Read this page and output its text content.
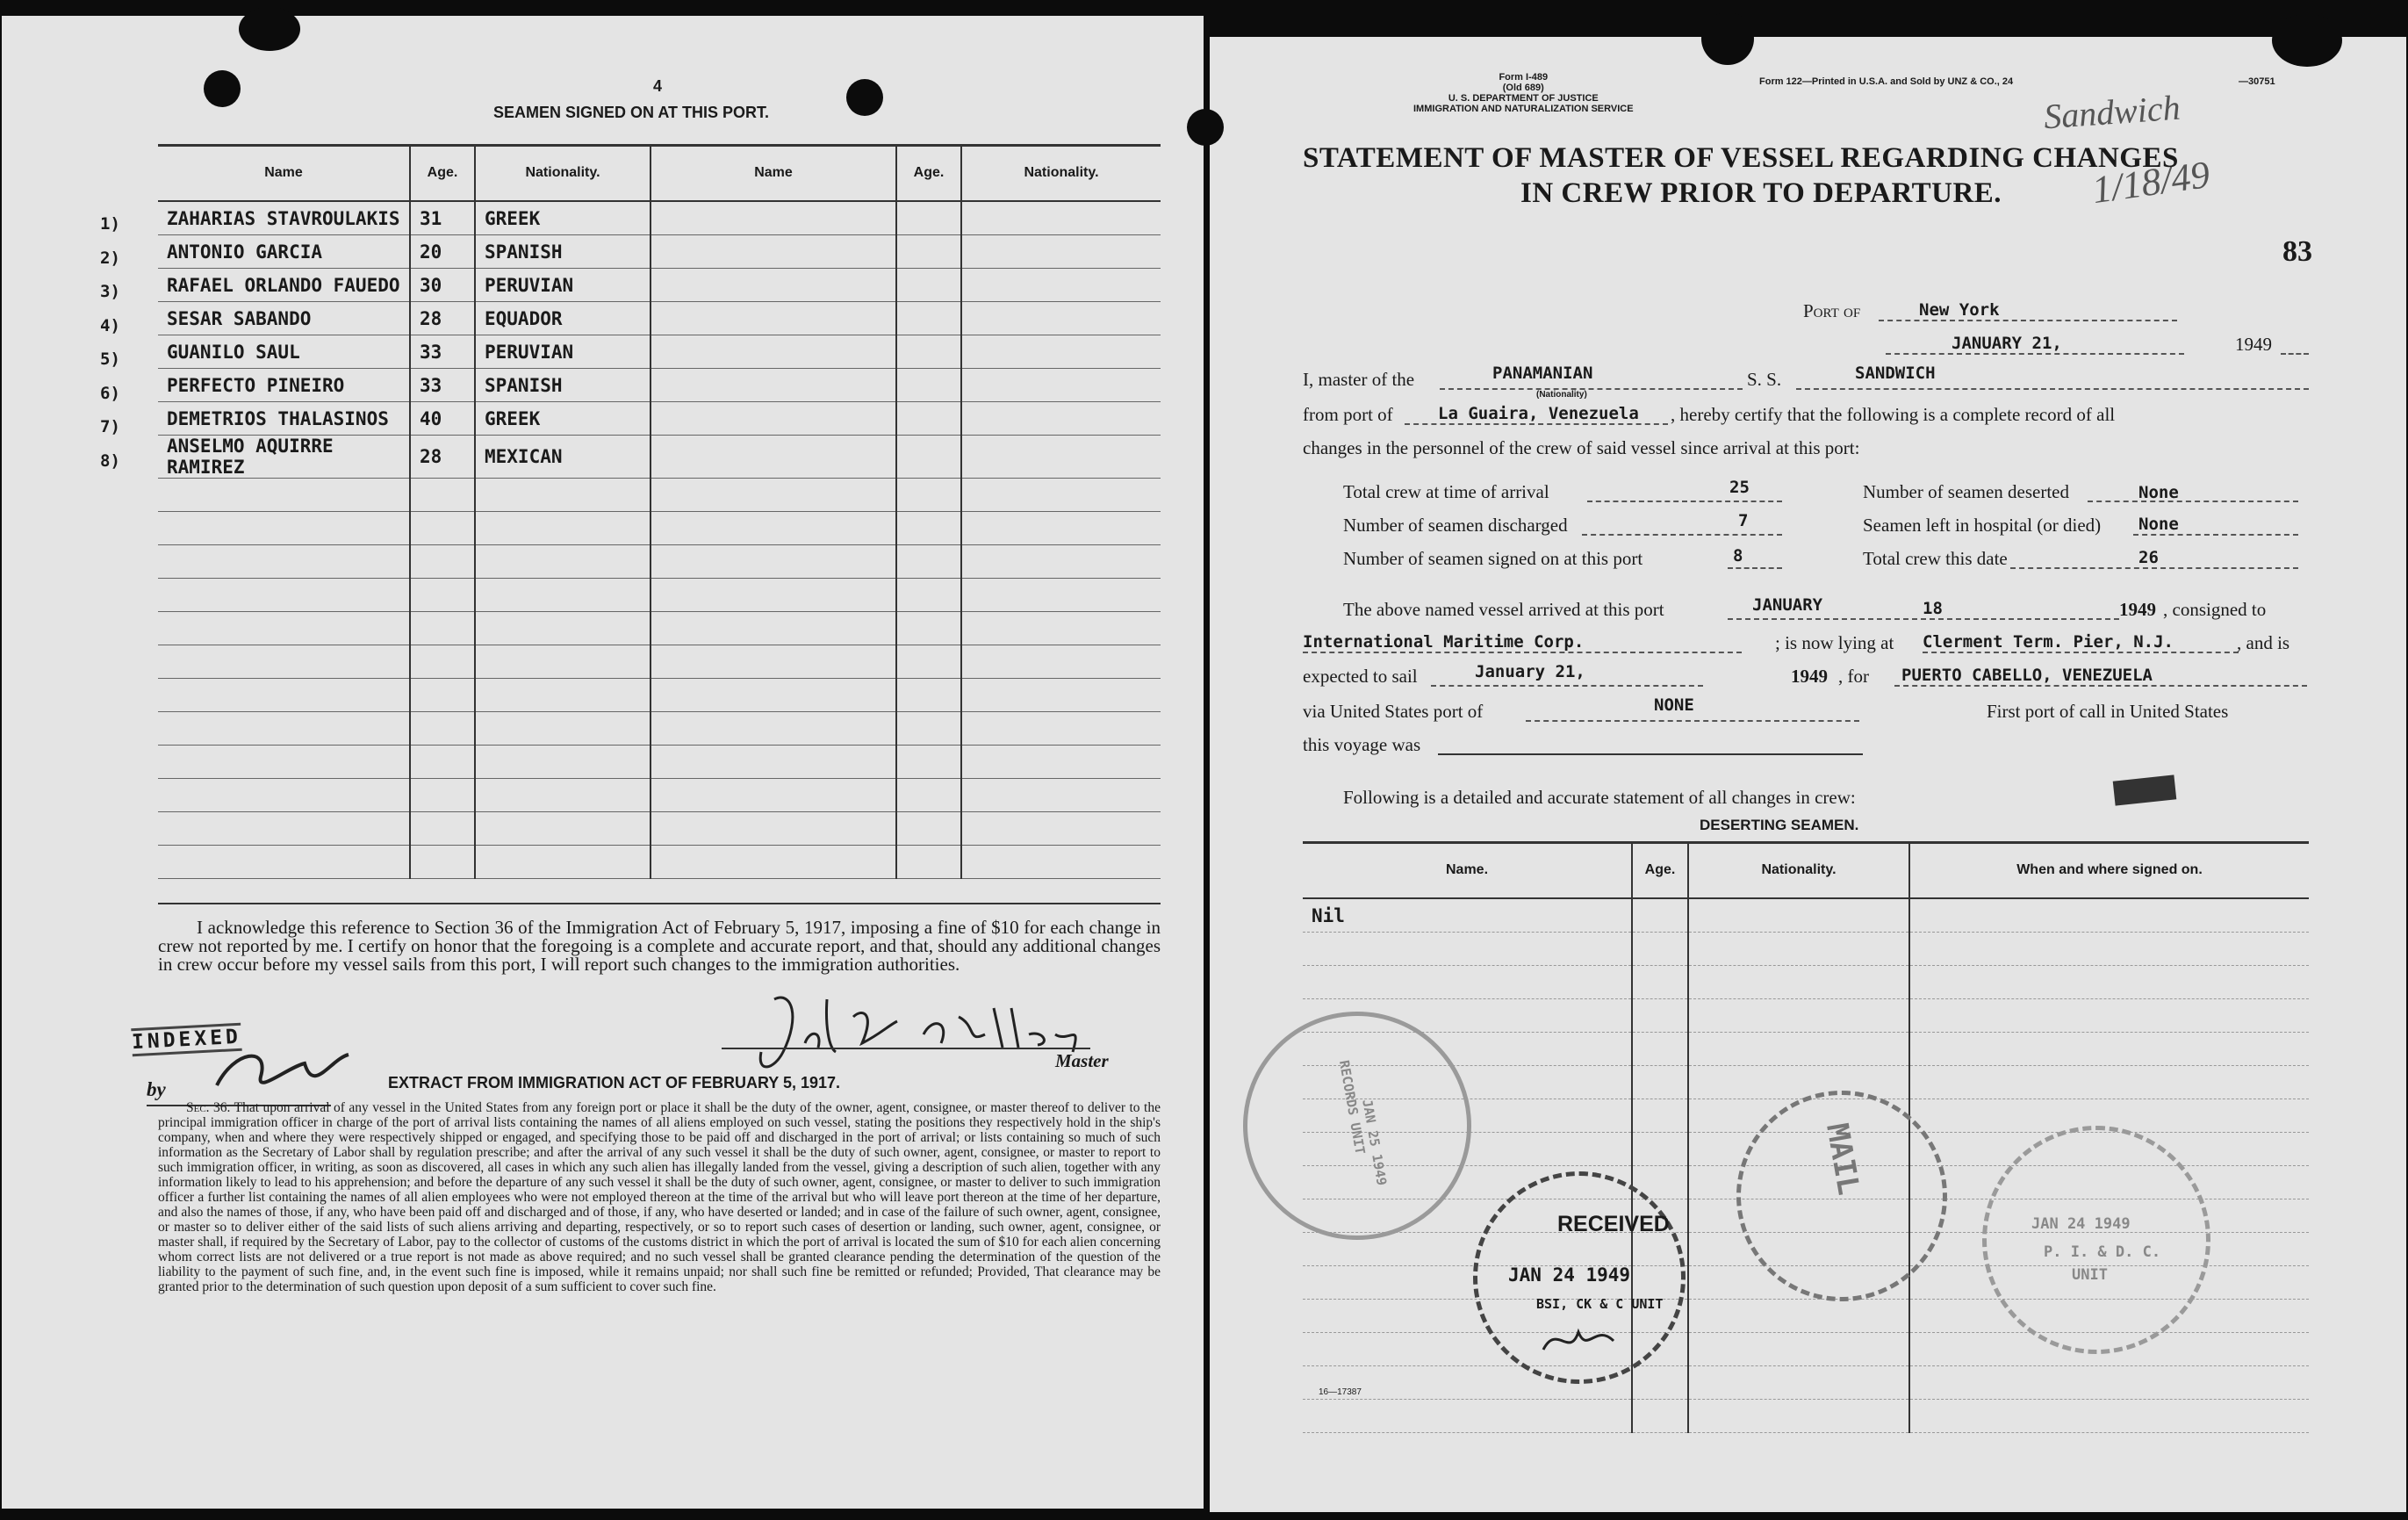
4
SEAMEN SIGNED ON AT THIS PORT.
Name	Age.	Nationality.	Name	Age.	Nationality.
ZAHARIAS STAVROULAKIS	31	GREEK			
ANTONIO GARCIA	20	SPANISH			
RAFAEL ORLANDO FAUEDO	30	PERUVIAN			
SESAR SABANDO	28	EQUADOR			
GUANILO SAUL	33	PERUVIAN			
PERFECTO PINEIRO	33	SPANISH			
DEMETRIOS THALASINOS	40	GREEK			
ANSELMO AQUIRRE RAMIREZ	28	MEXICAN			

1)
2)
3)
4)
5)
6)
7)
8)
I acknowledge this reference to Section 36 of the Immigration Act of February 5, 1917, imposing a fine of $10 for each change in crew not reported by me. I certify on honor that the foregoing is a complete and accurate report, and that, should any additional changes in crew occur before my vessel sails from this port, I will report such changes to the immigration authorities.
INDEXED
by
Master
EXTRACT FROM IMMIGRATION ACT OF FEBRUARY 5, 1917.
Sec. 36. That upon arrival of any vessel in the United States from any foreign port or place it shall be the duty of the owner, agent, consignee, or master thereof to deliver to the principal immigration officer in charge of the port of arrival lists containing the names of all aliens employed on such vessel, stating the positions they respectively hold in the ship's company, when and where they were respectively shipped or engaged, and specifying those to be paid off and discharged in the port of arrival; or lists containing so much of such information as the Secretary of Labor shall by regulation prescribe; and after the arrival of any such vessel it shall be the duty of such owner, agent, consignee, or master to report to such immigration officer, in writing, as soon as discovered, all cases in which any such alien has illegally landed from the vessel, giving a description of such alien, together with any information likely to lead to his apprehension; and before the departure of any such vessel it shall be the duty of such owner, agent, consignee, or master to deliver to such immigration officer a further list containing the names of all alien employees who were not employed thereon at the time of the arrival but who will leave port thereon at the time of her departure, and also the names of those, if any, who have been paid off and discharged and of those, if any, who have deserted or landed; and in case of the failure of such owner, agent, consignee, or master so to deliver either of the said lists of such aliens arriving and departing, respectively, or so to report such cases of desertion or landing, such owner, agent, consignee, or master shall, if required by the Secretary of Labor, pay to the collector of customs of the customs district in which the port of arrival is located the sum of $10 for each alien concerning whom correct lists are not delivered or a true report is not made as above required; and no such vessel shall be granted clearance pending the determination of the question of the liability to the payment of such fine, and, in the event such fine is imposed, while it remains unpaid; nor shall such fine be remitted or refunded; Provided, That clearance may be granted prior to the determination of such question upon deposit of a sum sufficient to cover such fine.
Form I-489
(Old 689)
U. S. DEPARTMENT OF JUSTICE
IMMIGRATION AND NATURALIZATION SERVICE
Form 122—Printed in U.S.A. and Sold by UNZ & CO., 24	—30751
Sandwich
1/18/49
83
STATEMENT OF MASTER OF VESSEL REGARDING CHANGES
IN CREW PRIOR TO DEPARTURE.
Port of	New York
JANUARY 21,	1949
I, master of the	PANAMANIAN
(Nationality)
S. S.	SANDWICH
from port of	La Guaira, Venezuela , hereby certify that the following is a complete record of all
changes in the personnel of the crew of said vessel since arrival at this port:
Total crew at time of arrival	25	Number of seamen deserted	None
Number of seamen discharged	7	Seamen left in hospital (or died) None
Number of seamen signed on at this port	8	Total crew this date	26
The above named vessel arrived at this port	JANUARY	18	1949 , consigned to
International Maritime Corp.	; is now lying at Clerment Term. Pier, N.J.	, and is
expected to sail	January 21,	1949 , for PUERTO CABELLO, VENEZUELA
via United States port of	NONE	First port of call in United States
this voyage was
Following is a detailed and accurate statement of all changes in crew:
DESERTING SEAMEN.
Name.	Age.	Nationality.	When and where signed on.
Nil			

RECORDS UNIT
JAN 25 1949
RECEIVED
JAN 24 1949
BSI, CK & C UNIT
MAIL
JAN 24 1949
P. I. & D. C.
UNIT
16—17387
